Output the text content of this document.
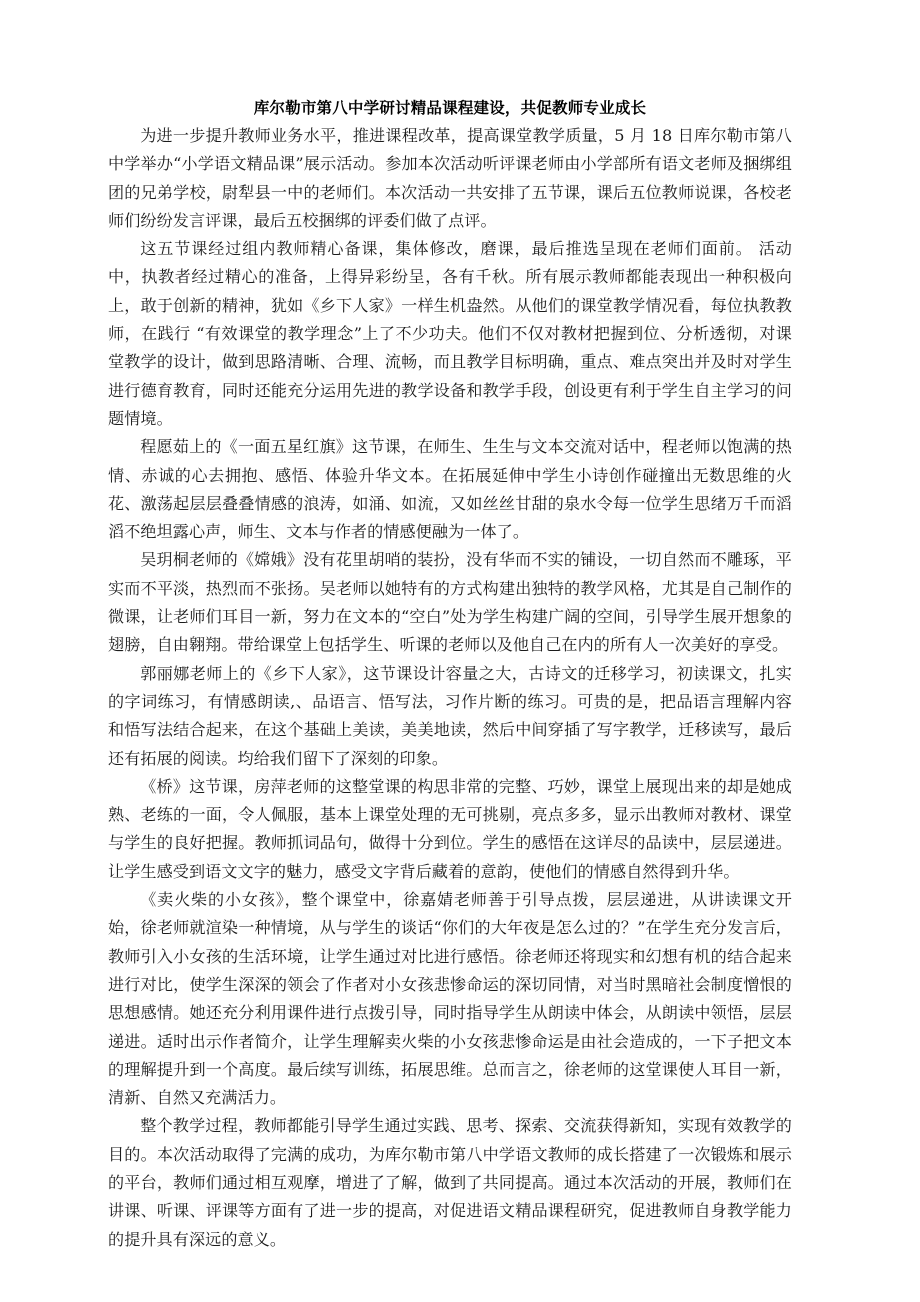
库尔勒市第八中学研讨精品课程建设，共促教师专业成长

为进一步提升教师业务水平，推进课程改革，提高课堂教学质量，5 月 18 日库尔勒市第八中学举办“小学语文精品课”展示活动。参加本次活动听评课老师由小学部所有语文老师及捆绑组团的兄弟学校，尉犁县一中的老师们。本次活动一共安排了五节课，课后五位教师说课，各校老师们纷纷发言评课，最后五校捆绑的评委们做了点评。

这五节课经过组内教师精心备课，集体修改，磨课，最后推选呈现在老师们面前。 活动中，执教者经过精心的准备，上得异彩纷呈，各有千秋。所有展示教师都能表现出一种积极向上，敢于创新的精神，犹如《乡下人家》一样生机盎然。从他们的课堂教学情况看，每位执教教师，在践行 “有效课堂的教学理念”上了不少功夫。他们不仅对教材把握到位、分析透彻，对课堂教学的设计，做到思路清晰、合理、流畅，而且教学目标明确，重点、难点突出并及时对学生进行德育教育，同时还能充分运用先进的教学设备和教学手段，创设更有利于学生自主学习的问题情境。

程愿茹上的《一面五星红旗》这节课，在师生、生生与文本交流对话中，程老师以饱满的热情、赤诚的心去拥抱、感悟、体验升华文本。在拓展延伸中学生小诗创作碰撞出无数思维的火花、激荡起层层叠叠情感的浪涛，如涌、如流，又如丝丝甘甜的泉水令每一位学生思绪万千而滔滔不绝坦露心声，师生、文本与作者的情感便融为一体了。

吴玥桐老师的《嫦娥》没有花里胡哨的装扮，没有华而不实的铺设，一切自然而不雕琢，平实而不平淡，热烈而不张扬。吴老师以她特有的方式构建出独特的教学风格，尤其是自己制作的微课，让老师们耳目一新，努力在文本的“空白”处为学生构建广阔的空间，引导学生展开想象的翅膀，自由翱翔。带给课堂上包括学生、听课的老师以及他自己在内的所有人一次美好的享受。

郭丽娜老师上的《乡下人家》，这节课设计容量之大，古诗文的迁移学习，初读课文，扎实的字词练习，有情感朗读,、品语言、悟写法，习作片断的练习。可贵的是，把品语言理解内容和悟写法结合起来，在这个基础上美读，美美地读，然后中间穿插了写字教学，迁移读写，最后还有拓展的阅读。均给我们留下了深刻的印象。

《桥》这节课，房萍老师的这整堂课的构思非常的完整、巧妙，课堂上展现出来的却是她成熟、老练的一面，令人佩服，基本上课堂处理的无可挑剔，亮点多多，显示出教师对教材、课堂与学生的良好把握。教师抓词品句，做得十分到位。学生的感悟在这详尽的品读中，层层递进。让学生感受到语文文字的魅力，感受文字背后藏着的意韵，使他们的情感自然得到升华。

《卖火柴的小女孩》，整个课堂中，徐嘉婧老师善于引导点拨，层层递进，从讲读课文开始，徐老师就渲染一种情境，从与学生的谈话“你们的大年夜是怎么过的？”在学生充分发言后，教师引入小女孩的生活环境，让学生通过对比进行感悟。徐老师还将现实和幻想有机的结合起来进行对比，使学生深深的领会了作者对小女孩悲惨命运的深切同情，对当时黑暗社会制度憎恨的思想感情。她还充分利用课件进行点拨引导，同时指导学生从朗读中体会，从朗读中领悟，层层递进。适时出示作者简介，让学生理解卖火柴的小女孩悲惨命运是由社会造成的，一下子把文本的理解提升到一个高度。最后续写训练，拓展思维。总而言之，徐老师的这堂课使人耳目一新，清新、自然又充满活力。

整个教学过程，教师都能引导学生通过实践、思考、探索、交流获得新知，实现有效教学的目的。本次活动取得了完满的成功，为库尔勒市第八中学语文教师的成长搭建了一次锻炼和展示的平台，教师们通过相互观摩，增进了了解，做到了共同提高。通过本次活动的开展，教师们在讲课、听课、评课等方面有了进一步的提高，对促进语文精品课程研究，促进教师自身教学能力的提升具有深远的意义。
